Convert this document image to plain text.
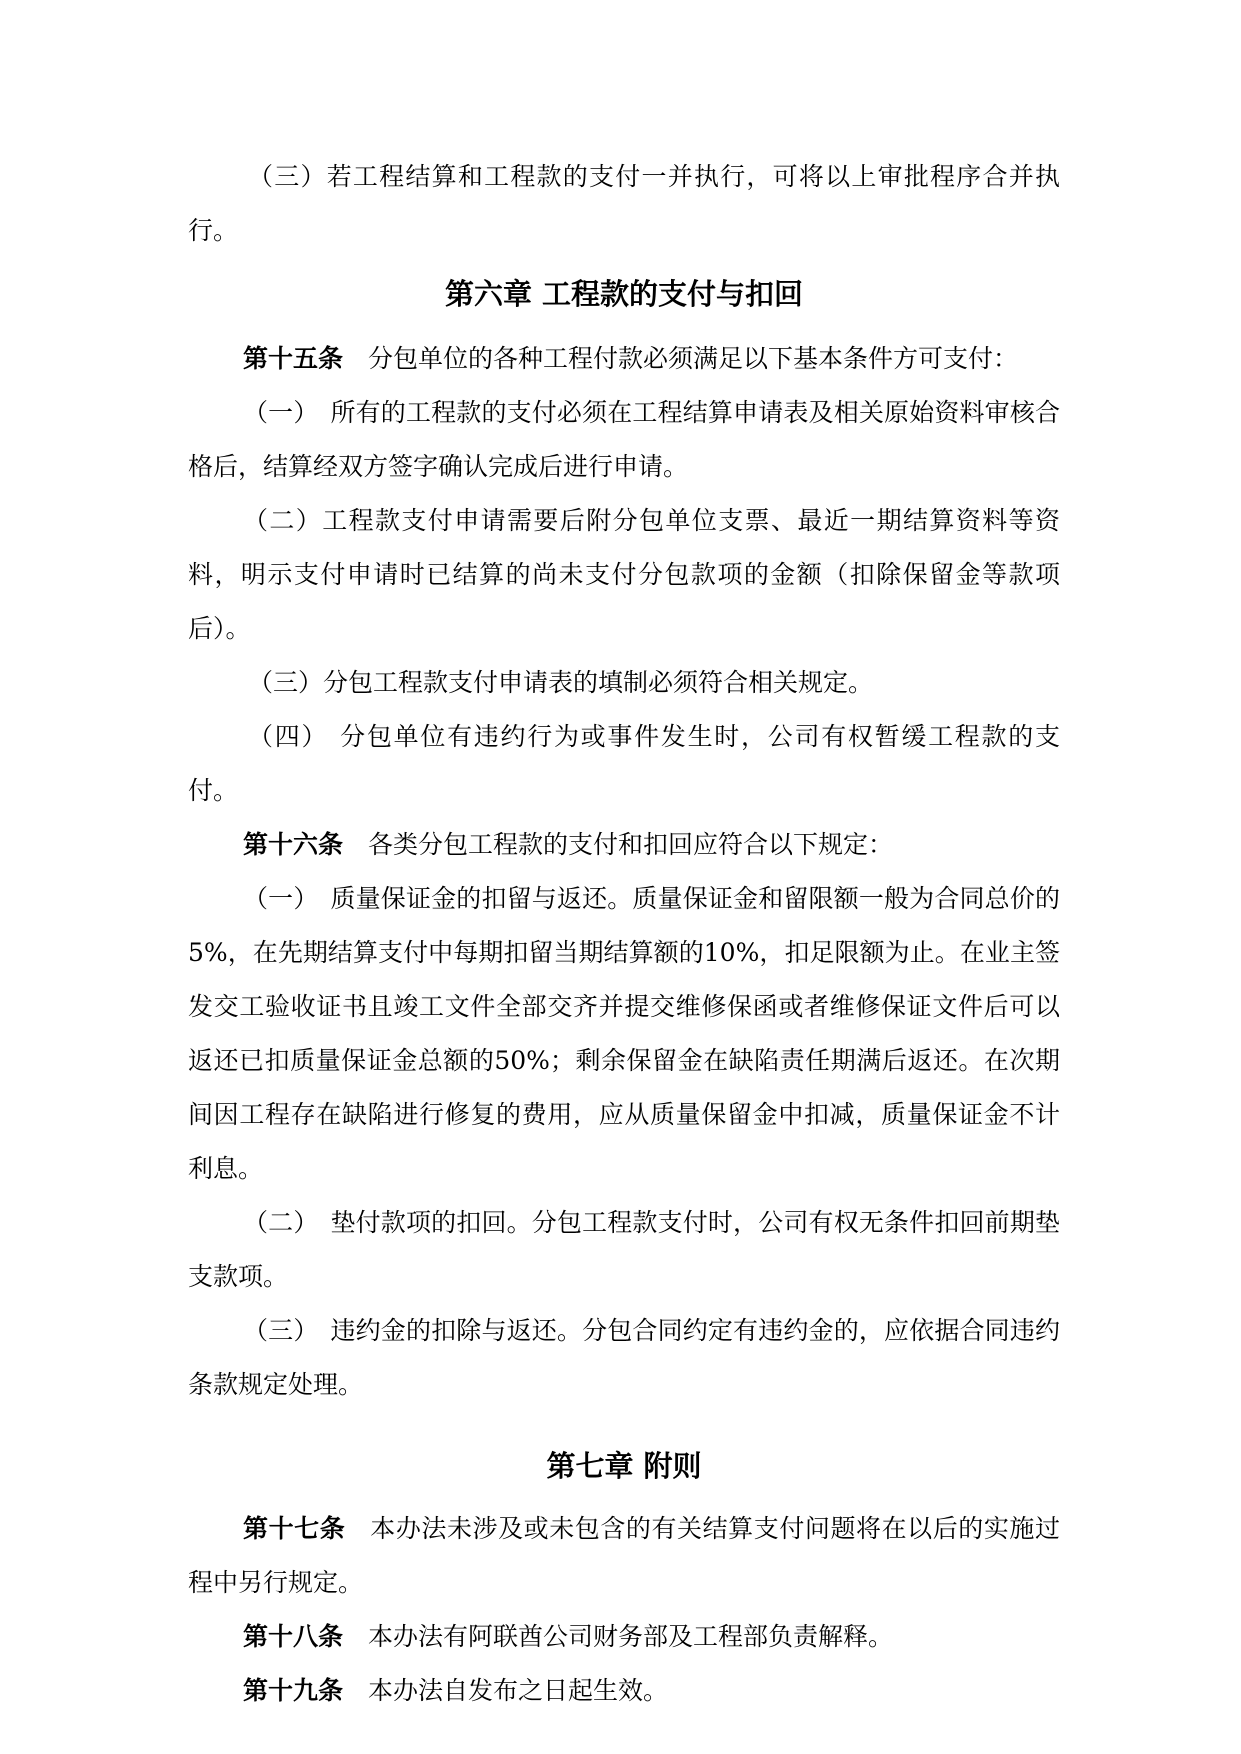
（三）若工程结算和工程款的支付一并执行，可将以上审批程序合并执行。

第六章 工程款的支付与扣回

第十五条 分包单位的各种工程付款必须满足以下基本条件方可支付：

（一） 所有的工程款的支付必须在工程结算申请表及相关原始资料审核合格后，结算经双方签字确认完成后进行申请。

（二）工程款支付申请需要后附分包单位支票、最近一期结算资料等资料，明示支付申请时已结算的尚未支付分包款项的金额（扣除保留金等款项后）。

（三）分包工程款支付申请表的填制必须符合相关规定。

（四） 分包单位有违约行为或事件发生时，公司有权暂缓工程款的支付。

第十六条 各类分包工程款的支付和扣回应符合以下规定：

（一） 质量保证金的扣留与返还。质量保证金和留限额一般为合同总价的5%，在先期结算支付中每期扣留当期结算额的10%，扣足限额为止。在业主签发交工验收证书且竣工文件全部交齐并提交维修保函或者维修保证文件后可以返还已扣质量保证金总额的50%；剩余保留金在缺陷责任期满后返还。在次期间因工程存在缺陷进行修复的费用，应从质量保留金中扣减，质量保证金不计利息。

（二） 垫付款项的扣回。分包工程款支付时，公司有权无条件扣回前期垫支款项。

（三） 违约金的扣除与返还。分包合同约定有违约金的，应依据合同违约条款规定处理。

第七章 附则

第十七条 本办法未涉及或未包含的有关结算支付问题将在以后的实施过程中另行规定。

第十八条 本办法有阿联酋公司财务部及工程部负责解释。

第十九条 本办法自发布之日起生效。
